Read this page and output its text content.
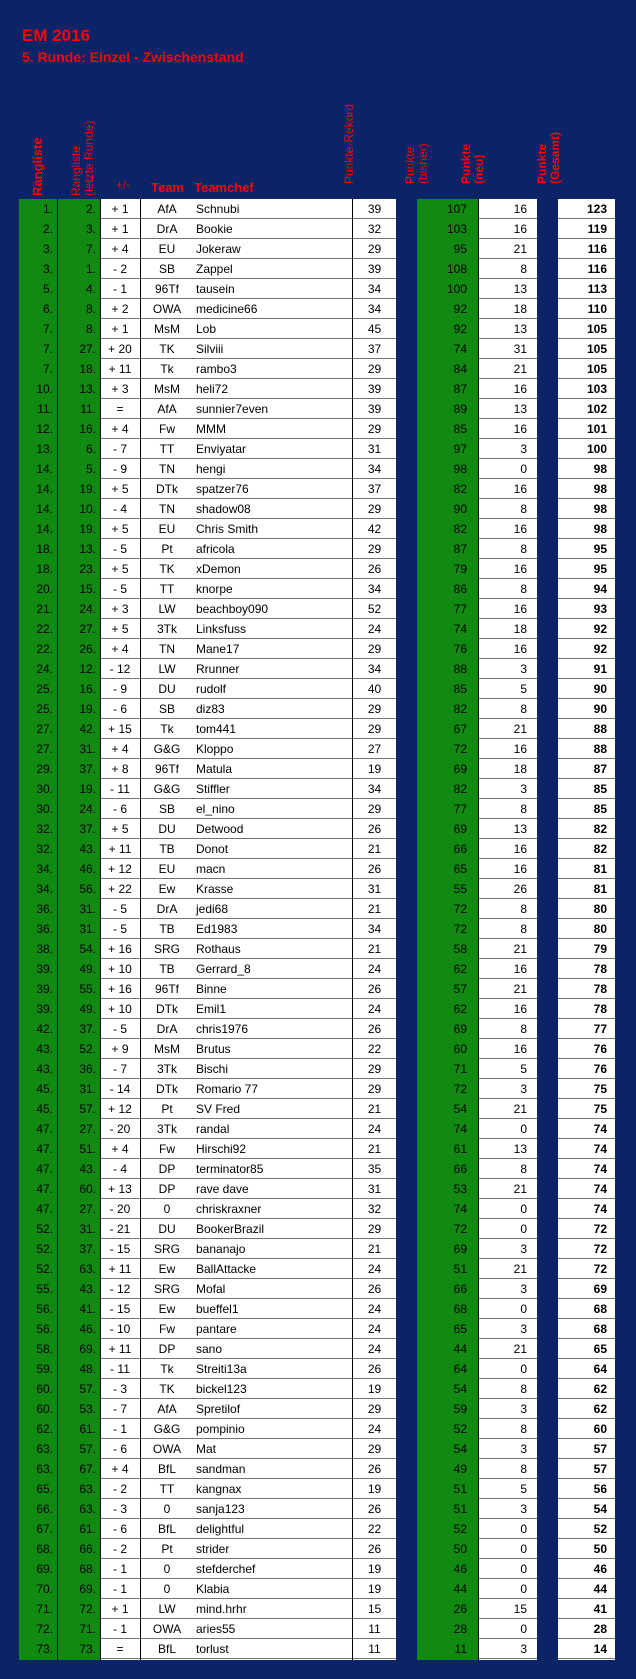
EM 2016
5. Runde: Einzel - Zwischenstand
Rangliste Rangliste
(letzte Runde) +/- Team Teamchef
Punkte-Rekord	Punkte
(bisher) Punkte
(neu)	Punkte
(Gesamt)
1.	2.	+ 1	AfA	Schnubi	39	107	16	123
2.	3.	+ 1	DrA	Bookie	32	103	16	119
3.	7.	+ 4	EU	Jokeraw	29	95	21	116
3.	1.	- 2	SB	Zappel	39	108	8	116
5.	4.	- 1	96Tf	tausein	34	100	13	113
6.	8.	+ 2	OWA	medicine66	34	92	18	110
7.	8.	+ 1	MsM	Lob	45	92	13	105
7.	27.	+ 20	TK	Silviii	37	74	31	105
7.	18.	+ 11	Tk	rambo3	29	84	21	105
10.	13.	+ 3	MsM	heli72	39	87	16	103
11.	11.	=	AfA	sunnier7even	39	89	13	102
12.	16.	+ 4	Fw	MMM	29	85	16	101
13.	6.	- 7	TT	Enviyatar	31	97	3	100
14.	5.	- 9	TN	hengi	34	98	0	98
14.	19.	+ 5	DTk	spatzer76	37	82	16	98
14.	10.	- 4	TN	shadow08	29	90	8	98
14.	19.	+ 5	EU	Chris Smith	42	82	16	98
18.	13.	- 5	Pt	africola	29	87	8	95
18.	23.	+ 5	TK	xDemon	26	79	16	95
20.	15.	- 5	TT	knorpe	34	86	8	94
21.	24.	+ 3	LW	beachboy090	52	77	16	93
22.	27.	+ 5	3Tk	Linksfuss	24	74	18	92
22.	26.	+ 4	TN	Mane17	29	76	16	92
24.	12.	- 12	LW	Rrunner	34	88	3	91
25.	16.	- 9	DU	rudolf	40	85	5	90
25.	19.	- 6	SB	diz83	29	82	8	90
27.	42.	+ 15	Tk	tom441	29	67	21	88
27.	31.	+ 4	G&G	Kloppo	27	72	16	88
29.	37.	+ 8	96Tf	Matula	19	69	18	87
30.	19.	- 11	G&G	Stiffler	34	82	3	85
30.	24.	- 6	SB	el_nino	29	77	8	85
32.	37.	+ 5	DU	Detwood	26	69	13	82
32.	43.	+ 11	TB	Donot	21	66	16	82
34.	46.	+ 12	EU	macn	26	65	16	81
34.	56.	+ 22	Ew	Krasse	31	55	26	81
36.	31.	- 5	DrA	jedi68	21	72	8	80
36.	31.	- 5	TB	Ed1983	34	72	8	80
38.	54.	+ 16	SRG	Rothaus	21	58	21	79
39.	49.	+ 10	TB	Gerrard_8	24	62	16	78
39.	55.	+ 16	96Tf	Binne	26	57	21	78
39.	49.	+ 10	DTk	Emil1	24	62	16	78
42.	37.	- 5	DrA	chris1976	26	69	8	77
43.	52.	+ 9	MsM	Brutus	22	60	16	76
43.	36.	- 7	3Tk	Bischi	29	71	5	76
45.	31.	- 14	DTk	Romario 77	29	72	3	75
45.	57.	+ 12	Pt	SV Fred	21	54	21	75
47.	27.	- 20	3Tk	randal	24	74	0	74
47.	51.	+ 4	Fw	Hirschi92	21	61	13	74
47.	43.	- 4	DP	terminator85	35	66	8	74
47.	60.	+ 13	DP	rave dave	31	53	21	74
47.	27.	- 20	0	chriskraxner	32	74	0	74
52.	31.	- 21	DU	BookerBrazil	29	72	0	72
52.	37.	- 15	SRG	bananajo	21	69	3	72
52.	63.	+ 11	Ew	BallAttacke	24	51	21	72
55.	43.	- 12	SRG	Mofal	26	66	3	69
56.	41.	- 15	Ew	bueffel1	24	68	0	68
56.	46.	- 10	Fw	pantare	24	65	3	68
58.	69.	+ 11	DP	sano	24	44	21	65
59.	48.	- 11	Tk	Streiti13a	26	64	0	64
60.	57.	- 3	TK	bickel123	19	54	8	62
60.	53.	- 7	AfA	Spretilof	29	59	3	62
62.	61.	- 1	G&G	pompinio	24	52	8	60
63.	57.	- 6	OWA	Mat	29	54	3	57
63.	67.	+ 4	BfL	sandman	26	49	8	57
65.	63.	- 2	TT	kangnax	19	51	5	56
66.	63.	- 3	0	sanja123	26	51	3	54
67.	61.	- 6	BfL	delightful	22	52	0	52
68.	66.	- 2	Pt	strider	26	50	0	50
69.	68.	- 1	0	stefderchef	19	46	0	46
70.	69.	- 1	0	Klabia	19	44	0	44
71.	72.	+ 1	LW	mind.hrhr	15	26	15	41
72.	71.	- 1	OWA	aries55	11	28	0	28
73.	73.	=	BfL	torlust	11	11	3	14
